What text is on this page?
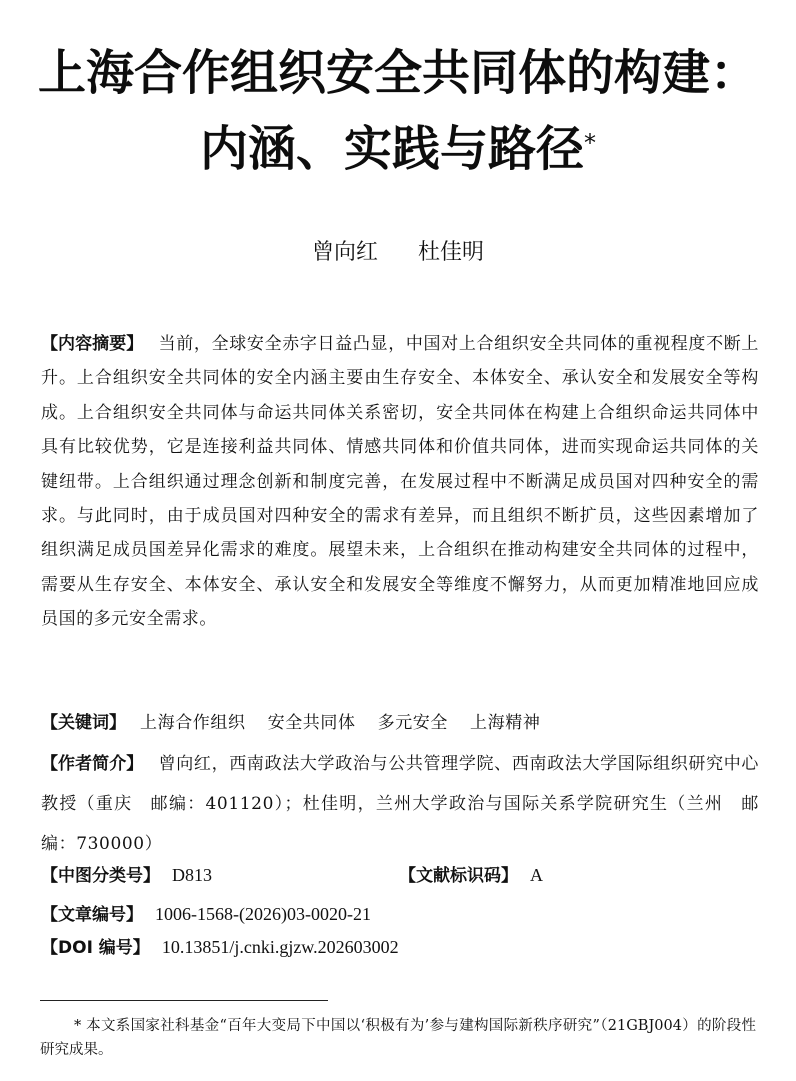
上海合作组织安全共同体的构建：
内涵、实践与路径*
曾向红 杜佳明
【内容摘要】　 当前，全球安全赤字日益凸显，中国对上合组织安全共同体的重视程度不断上升。上合组织安全共同体的安全内涵主要由生存安全、本体安全、承认安全和发展安全等构成。上合组织安全共同体与命运共同体关系密切，安全共同体在构建上合组织命运共同体中具有比较优势，它是连接利益共同体、情感共同体和价值共同体，进而实现命运共同体的关键纽带。上合组织通过理念创新和制度完善，在发展过程中不断满足成员国对四种安全的需求。与此同时，由于成员国对四种安全的需求有差异，而且组织不断扩员，这些因素增加了组织满足成员国差异化需求的难度。展望未来，上合组织在推动构建安全共同体的过程中，需要从生存安全、本体安全、承认安全和发展安全等维度不懈努力，从而更加精准地回应成员国的多元安全需求。
【关键词】 上海合作组织 安全共同体 多元安全 上海精神
【作者简介】　 曾向红，西南政法大学政治与公共管理学院、西南政法大学国际组织研究中心教授（重庆　邮编：401120）；杜佳明，兰州大学政治与国际关系学院研究生（兰州　邮编：730000）
【中图分类号】 D813	【文献标识码】 A
【文章编号】 1006-1568-(2026)03-0020-21
【DOI 编号】 10.13851/j.cnki.gjzw.202603002
* 本文系国家社科基金“百年大变局下中国以‘积极有为’参与建构国际新秩序研究”（21GBJ004）的阶段性研究成果。
